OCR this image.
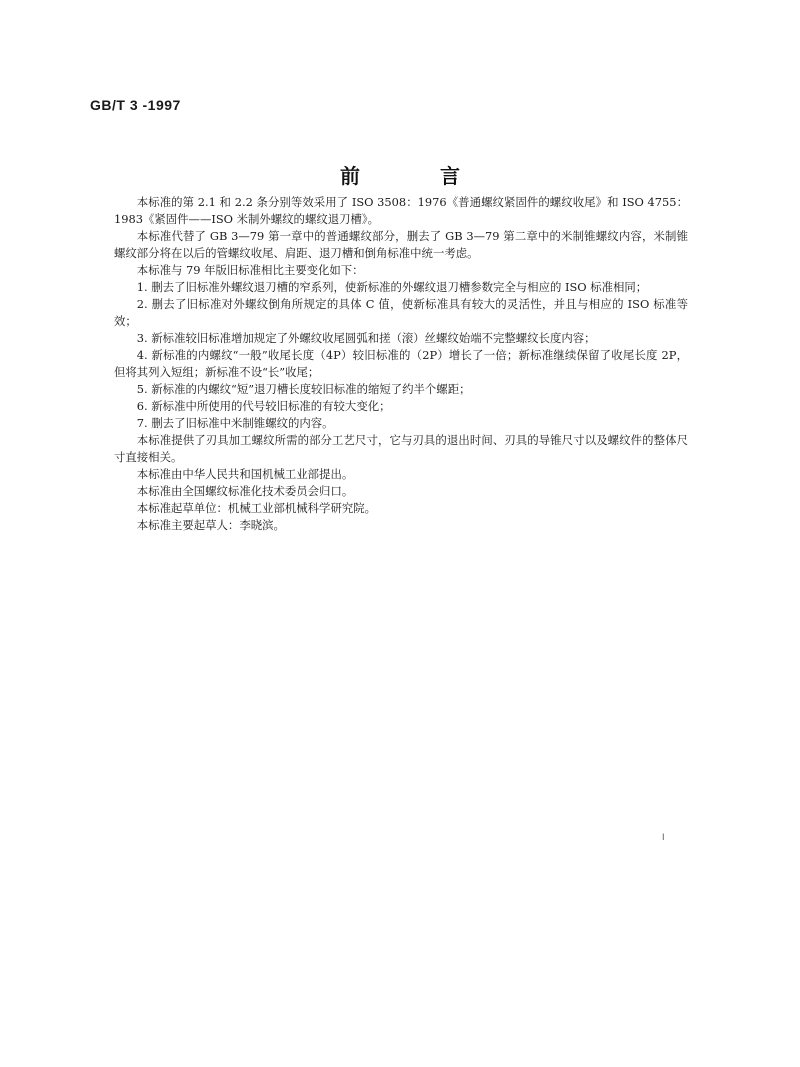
GB/T 3 -1997
前　言

本标准的第 2.1 和 2.2 条分别等效采用了 ISO 3508：1976《普通螺纹紧固件的螺纹收尾》和 ISO 4755：1983《紧固件——ISO 米制外螺纹的螺纹退刀槽》。

本标准代替了 GB 3—79 第一章中的普通螺纹部分，删去了 GB 3—79 第二章中的米制锥螺纹内容，米制锥螺纹部分将在以后的管螺纹收尾、肩距、退刀槽和倒角标准中统一考虑。

本标准与 79 年版旧标准相比主要变化如下：

1. 删去了旧标准外螺纹退刀槽的窄系列，使新标准的外螺纹退刀槽参数完全与相应的 ISO 标准相同；

2. 删去了旧标准对外螺纹倒角所规定的具体 C 值，使新标准具有较大的灵活性，并且与相应的 ISO 标准等效；

3. 新标准较旧标准增加规定了外螺纹收尾圆弧和搓（滚）丝螺纹始端不完整螺纹长度内容；

4. 新标准的内螺纹“一般”收尾长度（4P）较旧标准的（2P）增长了一倍；新标准继续保留了收尾长度 2P，但将其列入短组；新标准不设“长”收尾；

5. 新标准的内螺纹“短”退刀槽长度较旧标准的缩短了约半个螺距；

6. 新标准中所使用的代号较旧标准的有较大变化；

7. 删去了旧标准中米制锥螺纹的内容。

本标准提供了刃具加工螺纹所需的部分工艺尺寸，它与刃具的退出时间、刃具的导锥尺寸以及螺纹件的整体尺寸直接相关。

本标准由中华人民共和国机械工业部提出。

本标准由全国螺纹标准化技术委员会归口。

本标准起草单位：机械工业部机械科学研究院。

本标准主要起草人：李晓滨。

I
